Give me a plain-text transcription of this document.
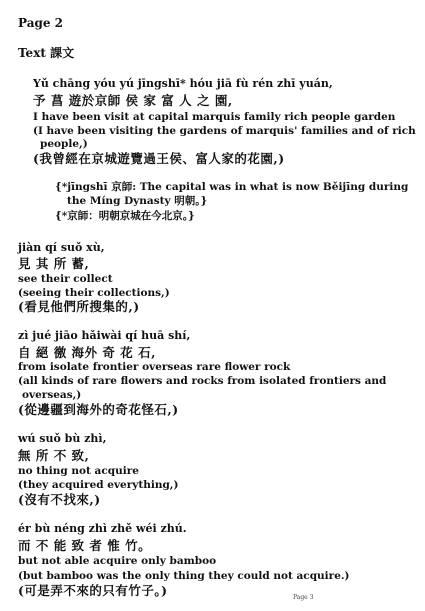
Page 2
Text 課文
Yǔ chāng yóu yú jīngshī* hóu jiā fù rén zhī yuán,
予 菖 遊於京師 侯 家 富 人 之 園,
I have been visit at capital marquis family rich people garden
(I have been visiting the gardens of marquis' families and of rich
people,)
(我曾經在京城遊覽過王侯、富人家的花園,)
{*jīngshī 京師: The capital was in what is now Běijīng during
the Míng Dynasty 明朝。}
{*京師：明朝京城在今北京。}
jiàn qí suǒ xù,
見 其 所 蓄,
see their collect
(seeing their collections,)
(看見他們所搜集的,)
zì jué jiāo hǎiwài qí huā shí,
自 絕 徼 海外 奇 花 石,
from isolate frontier overseas rare flower rock
(all kinds of rare flowers and rocks from isolated frontiers and
overseas,)
(從邊疆到海外的奇花怪石,)
wú suǒ bù zhì,
無 所 不 致,
no thing not acquire
(they acquired everything,)
(沒有不找來,)
ér bù néng zhì zhě wéi zhú.
而 不 能 致 者 惟 竹。
but not able acquire only bamboo
(but bamboo was the only thing they could not acquire.)
(可是弄不來的只有竹子。)	Page 3
